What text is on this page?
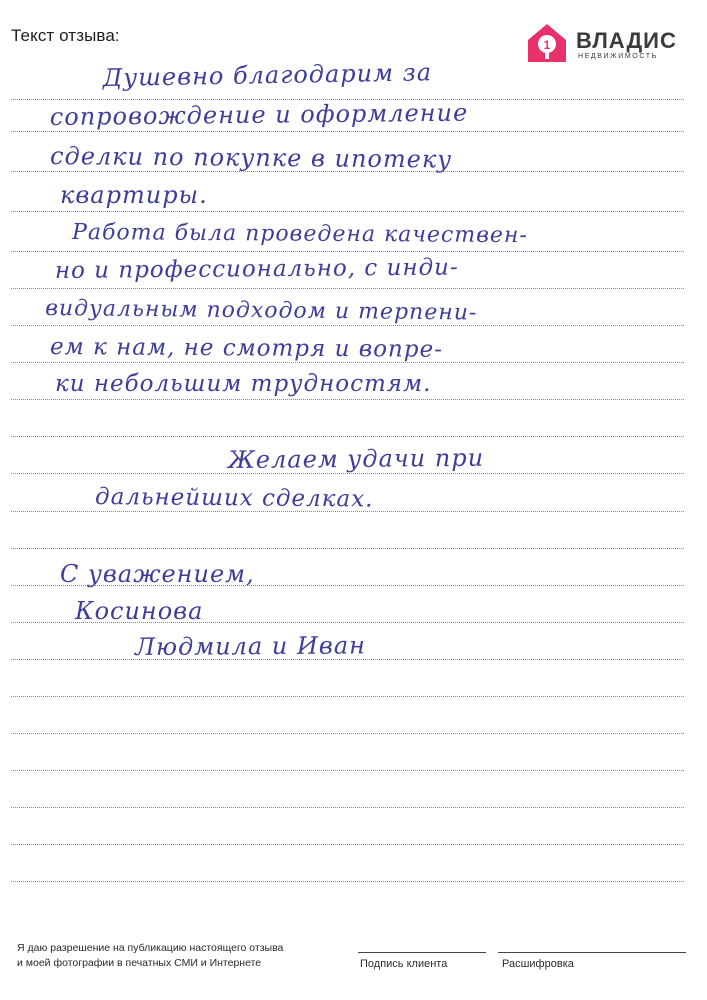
Текст отзыва:	1 ВЛАДИС
НЕДВИЖИМОСТЬ
Душевно благодарим за
сопровождение и оформление
сделки по покупке в ипотеку
квартиры.
Работа была проведена качествен-
но и профессионально, с инди-
видуальным подходом и терпени-
ем к нам, не смотря и вопре-
ки небольшим трудностям.
Желаем удачи при
дальнейших сделках.
С уважением,
Косинова
Людмила и Иван
Я даю разрешение на публикацию настоящего отзыва
и моей фотографии в печатных СМИ и Интернете	Подпись клиента	Расшифровка
